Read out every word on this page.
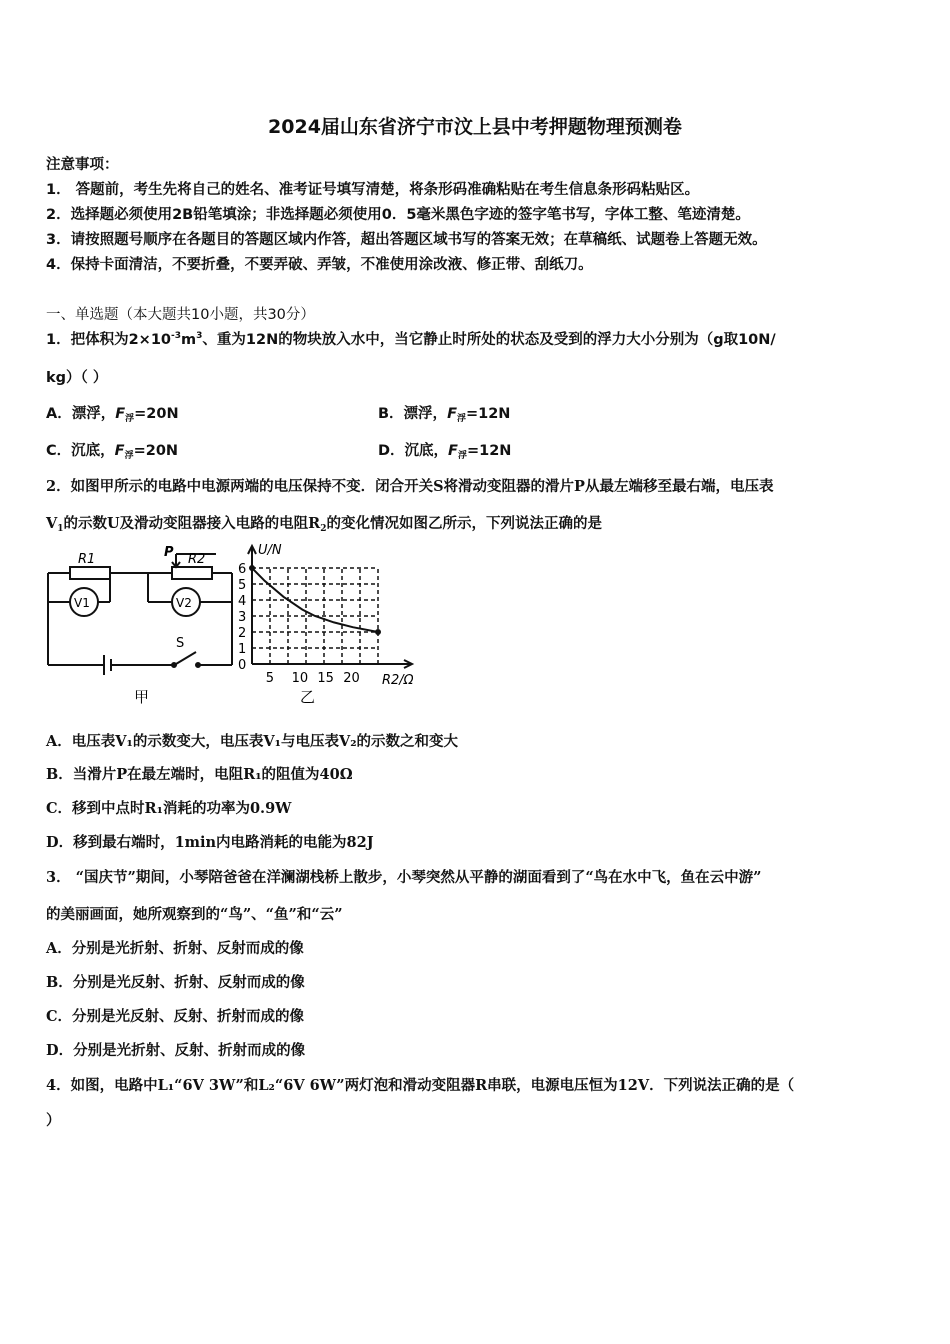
2024届山东省济宁市汶上县中考押题物理预测卷
注意事项：
1． 答题前，考生先将自己的姓名、准考证号填写清楚，将条形码准确粘贴在考生信息条形码粘贴区。
2．选择题必须使用2B铅笔填涂；非选择题必须使用0．5毫米黑色字迹的签字笔书写，字体工整、笔迹清楚。
3．请按照题号顺序在各题目的答题区域内作答，超出答题区域书写的答案无效；在草稿纸、试题卷上答题无效。
4．保持卡面清洁，不要折叠，不要弄破、弄皱，不准使用涂改液、修正带、刮纸刀。
一、单选题（本大题共10小题，共30分）
1．把体积为$2\times 10^{-3}m^3$、重为12N的物块放入水中，当它静止时所处的状态及受到的浮力大小分别为（g取10N/
kg）（ ）
A．漂浮，$F_浮=20N$	B．漂浮，$F_浮=12N$
C．沉底，$F_浮=20N$	D．沉底，$F_浮=12N$
2．如图甲所示的电路中电源两端的电压保持不变．闭合开关S将滑动变阻器的滑片P从最左端移至最右端，电压表
$V_1$的示数U及滑动变阻器接入电路的电阻$R_2$的变化情况如图乙所示，下列说法正确的是
R1	R2
P
V1	V2
S
甲
6
5
4
3
2
1
0
5 10 15 20
U/N
R2/Ω
乙
A．电压表V₁的示数变大，电压表V₁与电压表V₂的示数之和变大
B．当滑片P在最左端时，电阻R₁的阻值为40Ω
C．移到中点时R₁消耗的功率为0.9W
D．移到最右端时，1min内电路消耗的电能为82J
3． “国庆节”期间，小琴陪爸爸在洋澜湖栈桥上散步，小琴突然从平静的湖面看到了“鸟在水中飞，鱼在云中游”
的美丽画面，她所观察到的“鸟”、“鱼”和“云”
A．分别是光折射、折射、反射而成的像
B．分别是光反射、折射、反射而成的像
C．分别是光反射、反射、折射而成的像
D．分别是光折射、反射、折射而成的像
4．如图，电路中L₁“6V 3W”和L₂“6V 6W”两灯泡和滑动变阻器R串联，电源电压恒为12V．下列说法正确的是（
）
